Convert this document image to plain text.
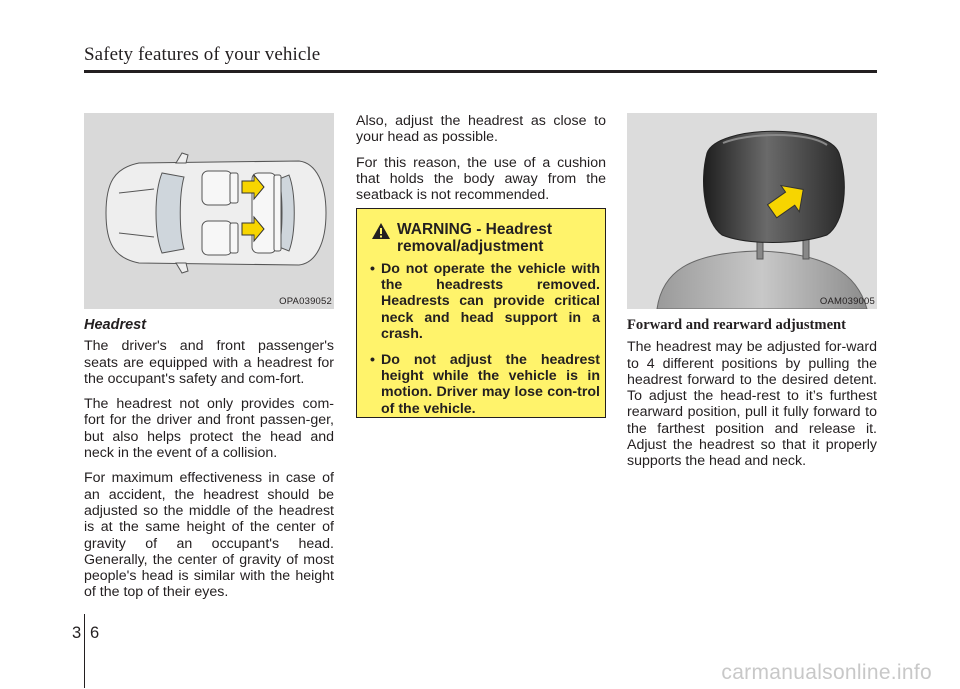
Safety features of your vehicle
OPA039052
Headrest

The driver's and front passenger's seats are equipped with a headrest for the occupant's safety and com-fort.

The headrest not only provides com-fort for the driver and front passen-ger, but also helps protect the head and neck in the event of a collision.

For maximum effectiveness in case of an accident, the headrest should be adjusted so the middle of the headrest is at the same height of the center of gravity of an occupant's head. Generally, the center of gravity of most people's head is similar with the height of the top of their eyes.

Also, adjust the headrest as close to your head as possible.

For this reason, the use of a cushion that holds the body away from the seatback is not recommended.

WARNING - Headrest
removal/adjustment
• Do not operate the vehicle with the headrests removed. Headrests can provide critical neck and head support in a crash.
• Do not adjust the headrest height while the vehicle is in motion. Driver may lose con-trol of the vehicle.
OAM039005
Forward and rearward adjustment

The headrest may be adjusted for-ward to 4 different positions by pulling the headrest forward to the desired detent. To adjust the head-rest to it’s furthest rearward position, pull it fully forward to the farthest position and release it. Adjust the headrest so that it properly supports the head and neck.

3 6
carmanualsonline.info
